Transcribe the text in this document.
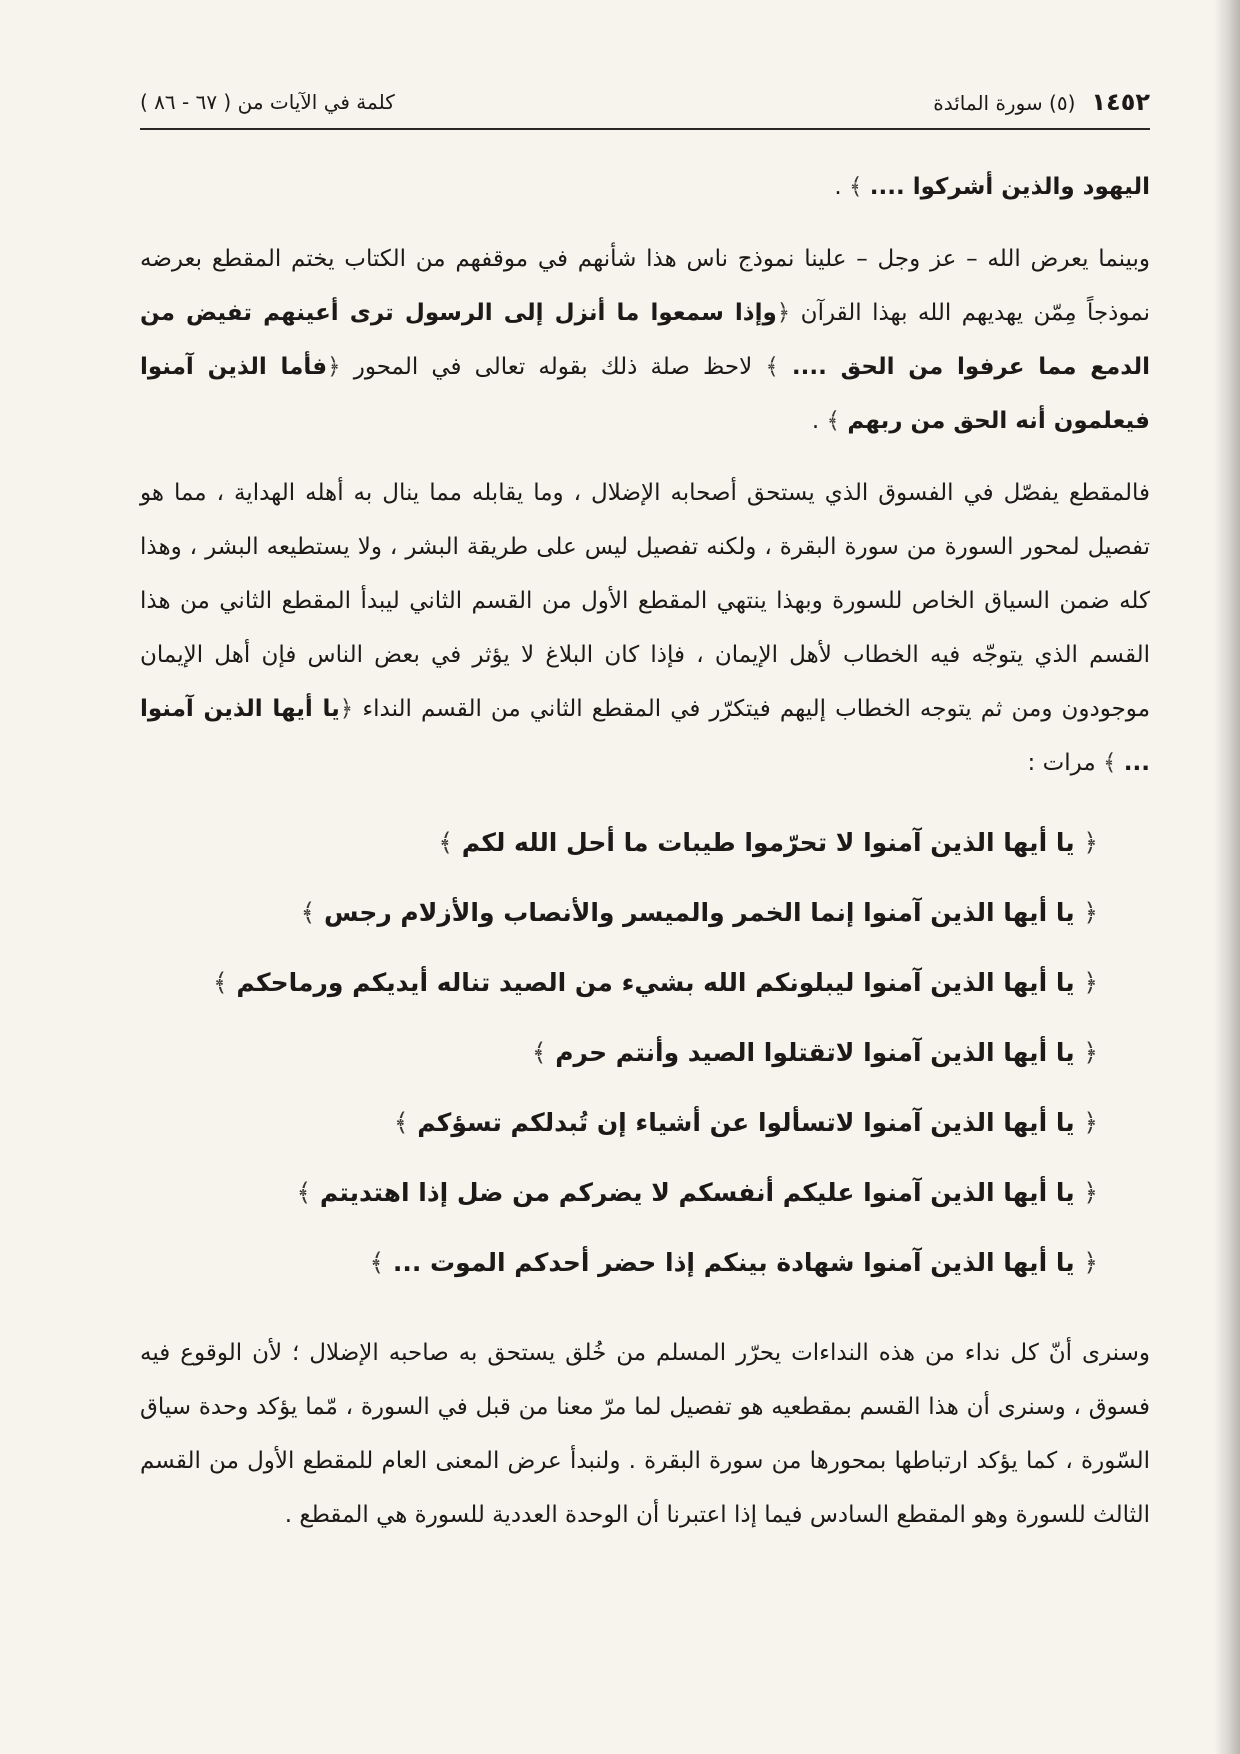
١٤٥٢
(٥) سورة المائدة
كلمة في الآيات من ( ٦٧ - ٨٦ )

اليهود والذين أشركوا .... ﴾ .

وبينما يعرض الله – عز وجل – علينا نموذج ناس هذا شأنهم في موقفهم من الكتاب يختم المقطع بعرضه نموذجاً مِمّن يهديهم الله بهذا القرآن ﴿وإذا سمعوا ما أنزل إلى الرسول ترى أعينهم تفيض من الدمع مما عرفوا من الحق .... ﴾ لاحظ صلة ذلك بقوله تعالى في المحور ﴿فأما الذين آمنوا فيعلمون أنه الحق من ربهم ﴾ .

فالمقطع يفصّل في الفسوق الذي يستحق أصحابه الإضلال ، وما يقابله مما ينال به أهله الهداية ، مما هو تفصيل لمحور السورة من سورة البقرة ، ولكنه تفصيل ليس على طريقة البشر ، ولا يستطيعه البشر ، وهذا كله ضمن السياق الخاص للسورة وبهذا ينتهي المقطع الأول من القسم الثاني ليبدأ المقطع الثاني من هذا القسم الذي يتوجّه فيه الخطاب لأهل الإيمان ، فإذا كان البلاغ لا يؤثر في بعض الناس فإن أهل الإيمان موجودون ومن ثم يتوجه الخطاب إليهم فيتكرّر في المقطع الثاني من القسم النداء ﴿يا أيها الذين آمنوا ... ﴾ مرات :

﴿ يا أيها الذين آمنوا لا تحرّموا طيبات ما أحل الله لكم ﴾
﴿ يا أيها الذين آمنوا إنما الخمر والميسر والأنصاب والأزلام رجس ﴾
﴿ يا أيها الذين آمنوا ليبلونكم الله بشيء من الصيد تناله أيديكم ورماحكم ﴾
﴿ يا أيها الذين آمنوا لاتقتلوا الصيد وأنتم حرم ﴾
﴿ يا أيها الذين آمنوا لاتسألوا عن أشياء إن تُبدلكم تسؤكم ﴾
﴿ يا أيها الذين آمنوا عليكم أنفسكم لا يضركم من ضل إذا اهتديتم ﴾
﴿ يا أيها الذين آمنوا شهادة بينكم إذا حضر أحدكم الموت ... ﴾

وسنرى أنّ كل نداء من هذه النداءات يحرّر المسلم من خُلق يستحق به صاحبه الإضلال ؛ لأن الوقوع فيه فسوق ، وسنرى أن هذا القسم بمقطعيه هو تفصيل لما مرّ معنا من قبل في السورة ، مّما يؤكد وحدة سياق السّورة ، كما يؤكد ارتباطها بمحورها من سورة البقرة . ولنبدأ عرض المعنى العام للمقطع الأول من القسم الثالث للسورة وهو المقطع السادس فيما إذا اعتبرنا أن الوحدة العددية للسورة هي المقطع .
